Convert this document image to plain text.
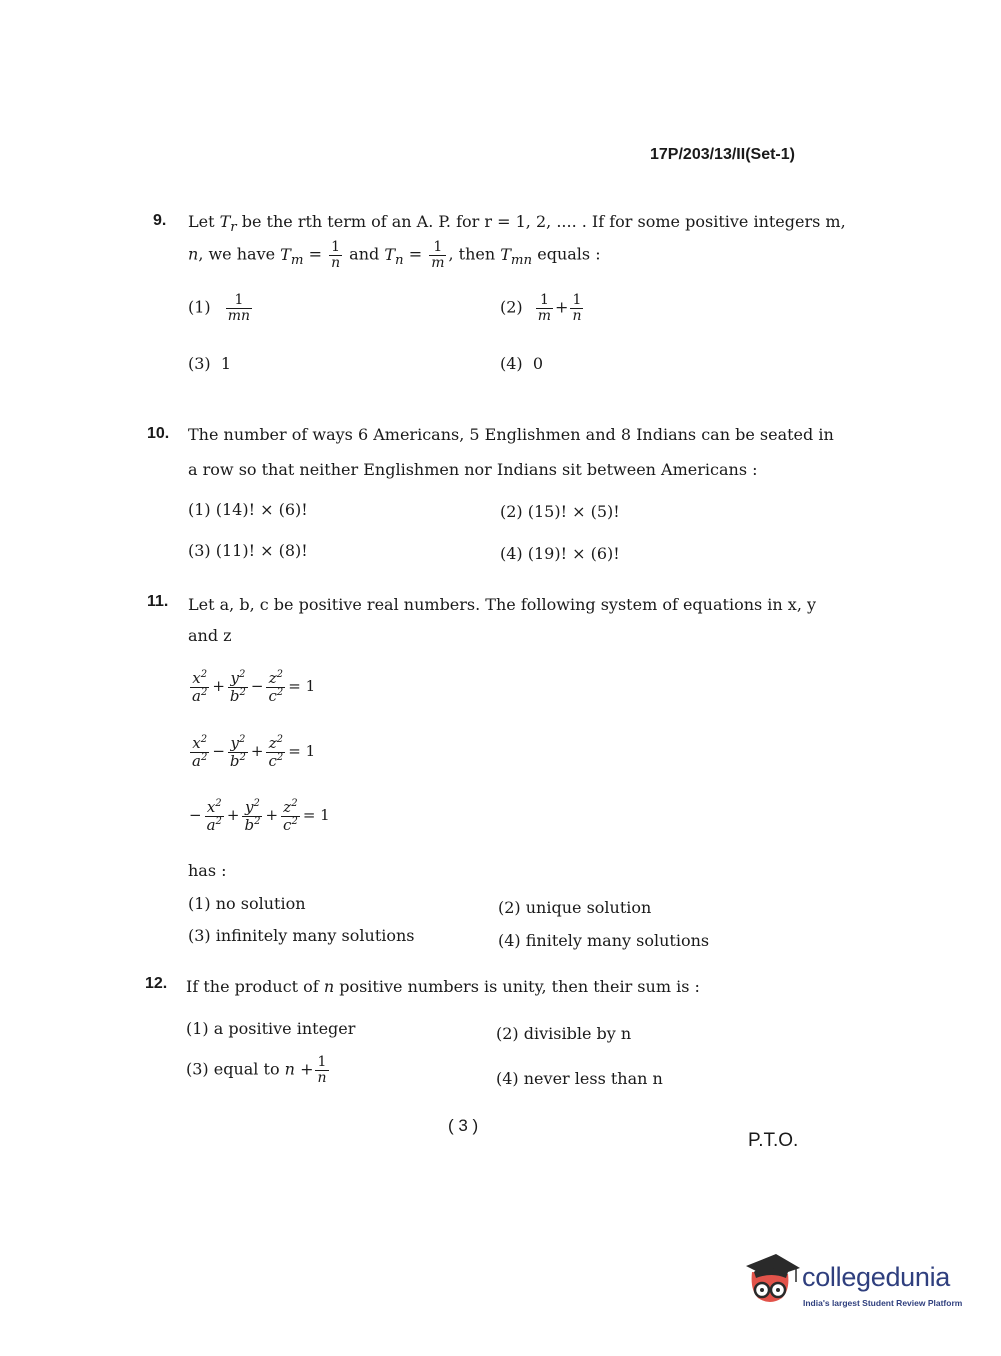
17P/203/13/II(Set-1)
9. Let $T_r$ be the rth term of an A. P. for r = 1, 2, .... . If for some positive integers m,
n, we have $T_m = \frac{1}{n}$ and $T_n = \frac{1}{m}$ , then $T_{mn}$ equals :
$(1) \frac{1}{mn}$	$(2) \frac{1}{m} + \frac{1}{n}$
(3) 1	(4) 0
10. The number of ways 6 Americans, 5 Englishmen and 8 Indians can be seated in
a row so that neither Englishmen nor Indians sit between Americans :
(1) (14)! × (6)!	(2) (15)! × (5)!
(3) (11)! × (8)!	(4) (19)! × (6)!
11. Let a, b, c be positive real numbers. The following system of equations in x, y
and z
$\frac{x^2}{a^2} + \frac{y^2}{b^2} - \frac{z^2}{c^2} = 1$
$\frac{x^2}{a^2} - \frac{y^2}{b^2} + \frac{z^2}{c^2} = 1$
− $\frac{x^2}{a^2} + \frac{y^2}{b^2} + \frac{z^2}{c^2} = 1$
has :
(1) no solution	(2) unique solution
(3) infinitely many solutions	(4) finitely many solutions
12. If the product of n positive numbers is unity, then their sum is :
(1) a positive integer	(2) divisible by n
(3) equal to $n + \frac{1}{n}$	(4) never less than n
( 3 )
P.T.O.
collegedunia
India's largest Student Review Platform
